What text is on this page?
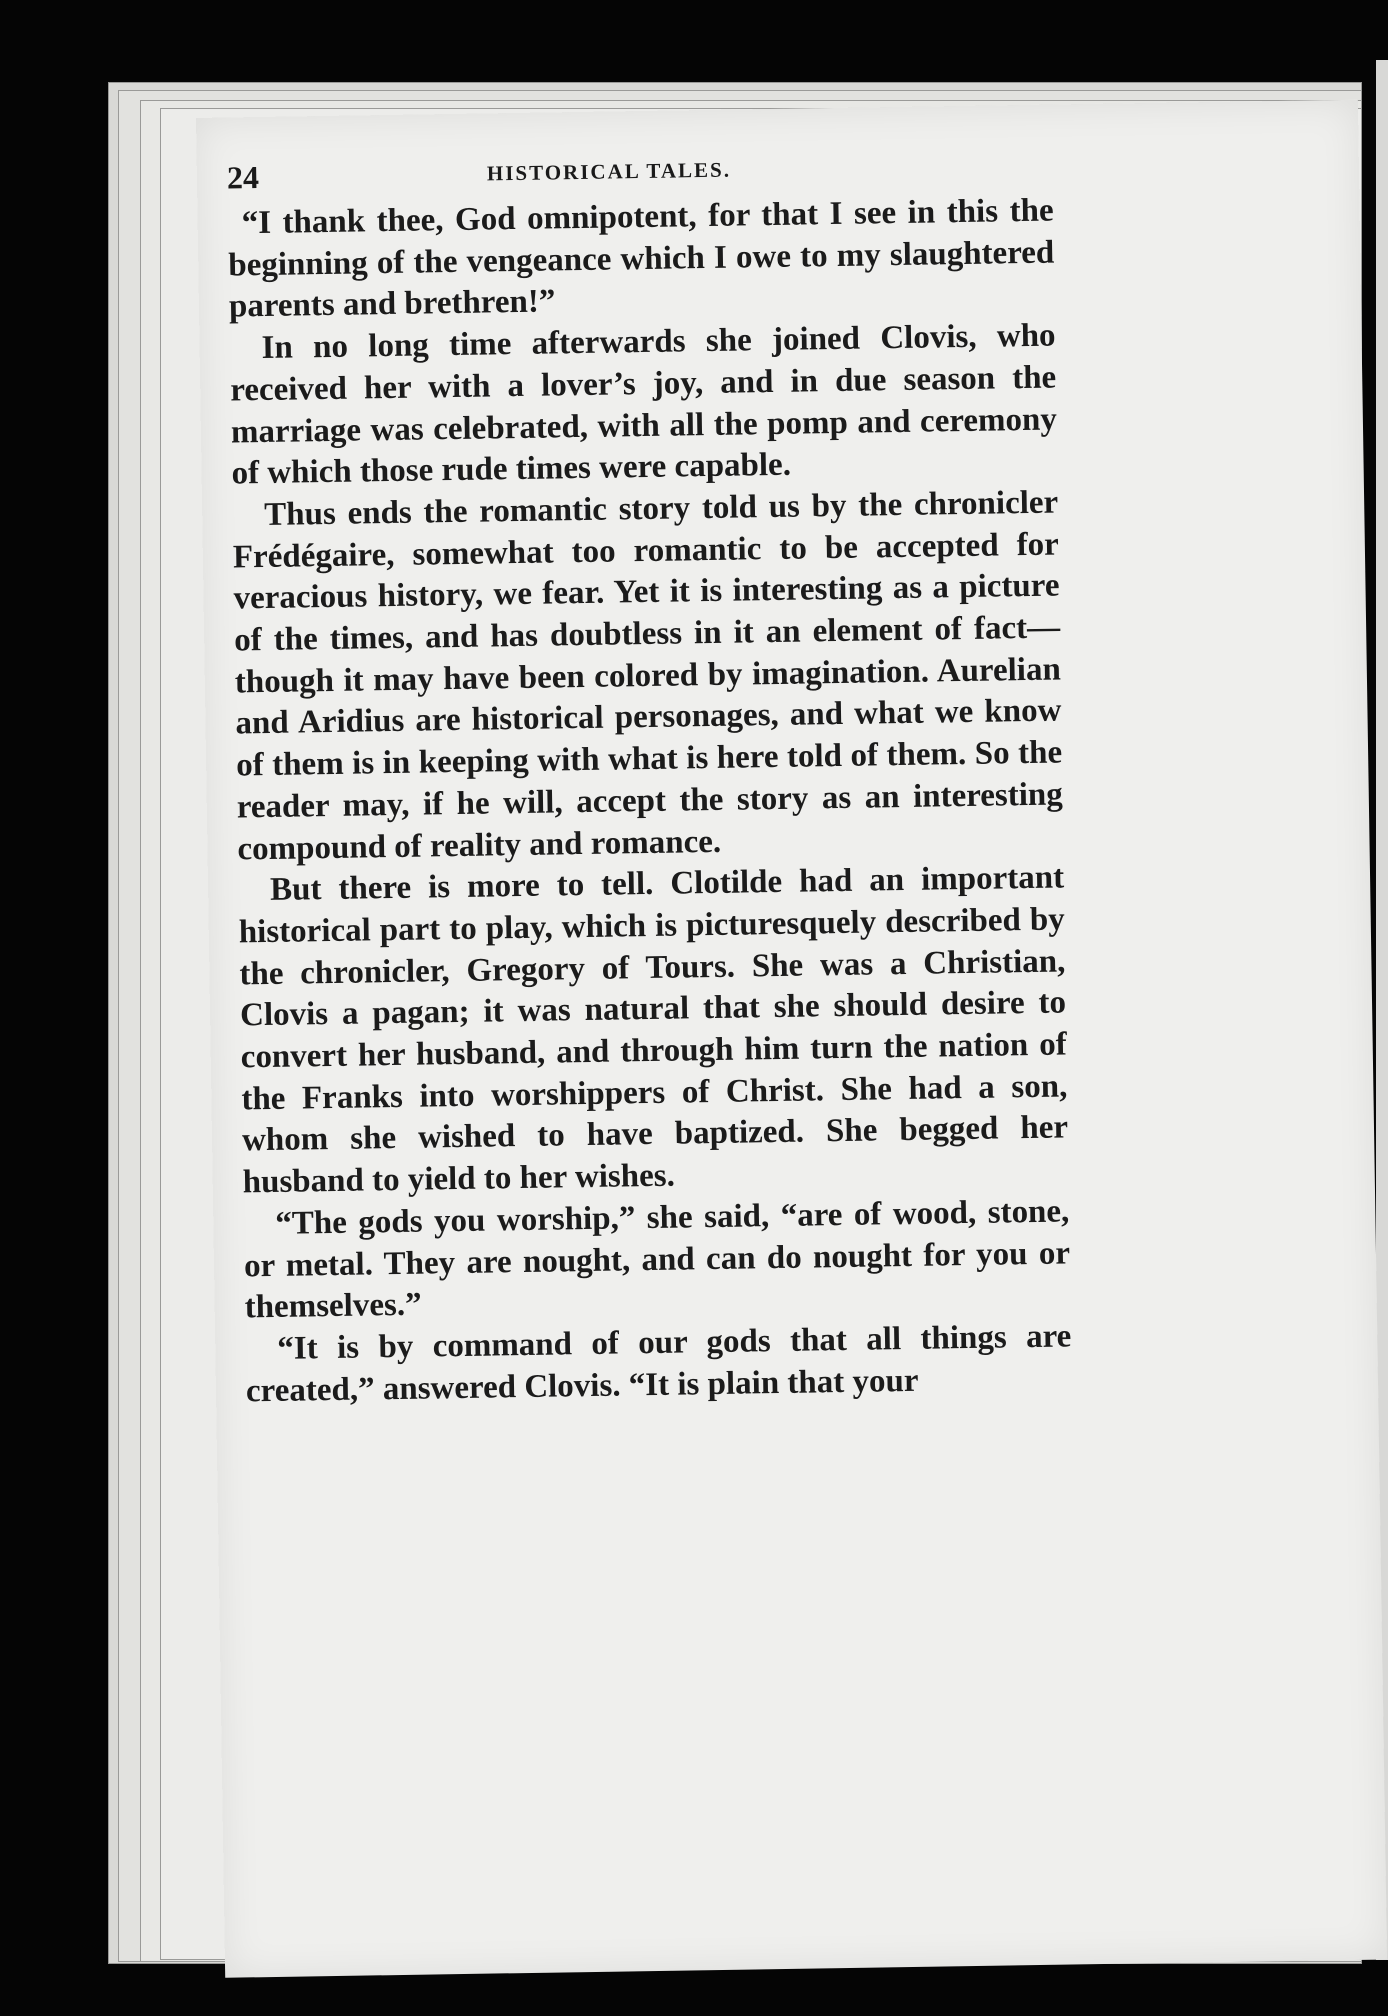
24	HISTORICAL TALES.

“I thank thee, God omnipotent, for that I see in this the beginning of the vengeance which I owe to my slaughtered parents and brethren!”

In no long time afterwards she joined Clovis, who received her with a lover’s joy, and in due season the marriage was celebrated, with all the pomp and ceremony of which those rude times were capable.

Thus ends the romantic story told us by the chronicler Frédégaire, somewhat too romantic to be accepted for veracious history, we fear. Yet it is interesting as a picture of the times, and has doubtless in it an element of fact—though it may have been colored by imagination. Aurelian and Aridius are historical personages, and what we know of them is in keeping with what is here told of them. So the reader may, if he will, accept the story as an interesting compound of reality and romance.

But there is more to tell. Clotilde had an important historical part to play, which is picturesquely described by the chronicler, Gregory of Tours. She was a Christian, Clovis a pagan; it was natural that she should desire to convert her husband, and through him turn the nation of the Franks into worshippers of Christ. She had a son, whom she wished to have baptized. She begged her husband to yield to her wishes.

“The gods you worship,” she said, “are of wood, stone, or metal. They are nought, and can do nought for you or themselves.”

“It is by command of our gods that all things are created,” answered Clovis. “It is plain that your
